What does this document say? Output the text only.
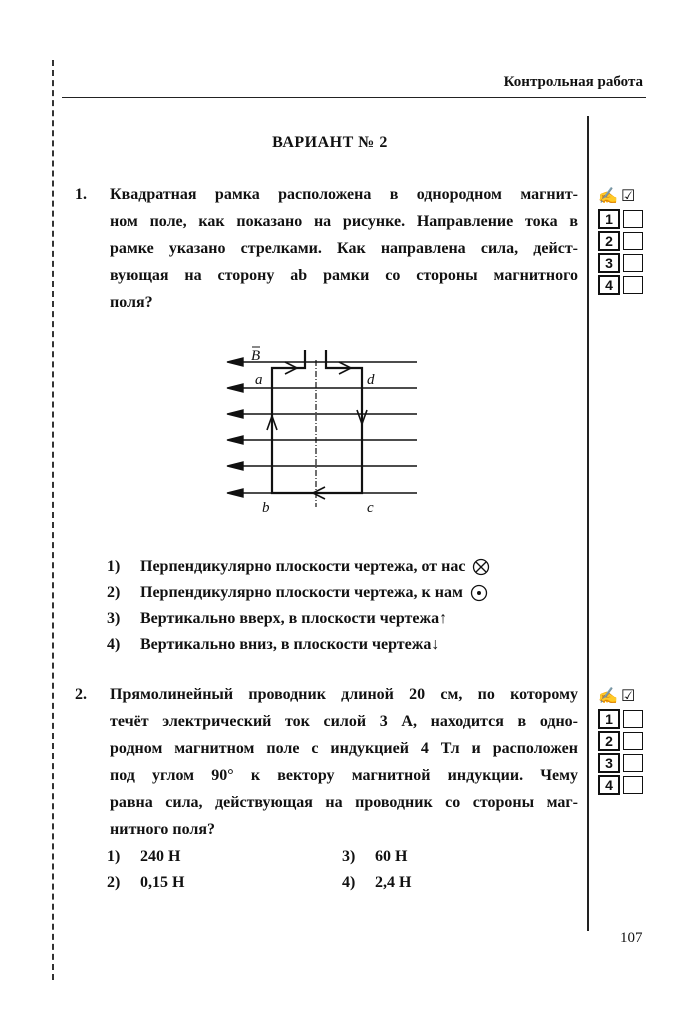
Контрольная работа
ВАРИАНТ № 2
1. Квадратная рамка расположена в однородном магнит-
ном поле, как показано на рисунке. Направление тока в
рамке указано стрелками. Как направлена сила, дейст-
вующая на сторону ab рамки со стороны магнитного
поля?
B
a	d
b	c
1) Перпендикулярно плоскости чертежа, от нас
2) Перпендикулярно плоскости чертежа, к нам
3) Вертикально вверх, в плоскости чертежа↑
4) Вертикально вниз, в плоскости чертежа↓
2. Прямолинейный проводник длиной 20 см, по которому
течёт электрический ток силой 3 А, находится в одно-
родном магнитном поле с индукцией 4 Тл и расположен
под углом 90° к вектору магнитной индукции. Чему
равна сила, действующая на проводник со стороны маг-
нитного поля?
1) 240 Н	3) 60 Н
2) 0,15 Н	4) 2,4 Н
✍ ☑
1
2
3
4
✍ ☑
1
2
3
4
107
